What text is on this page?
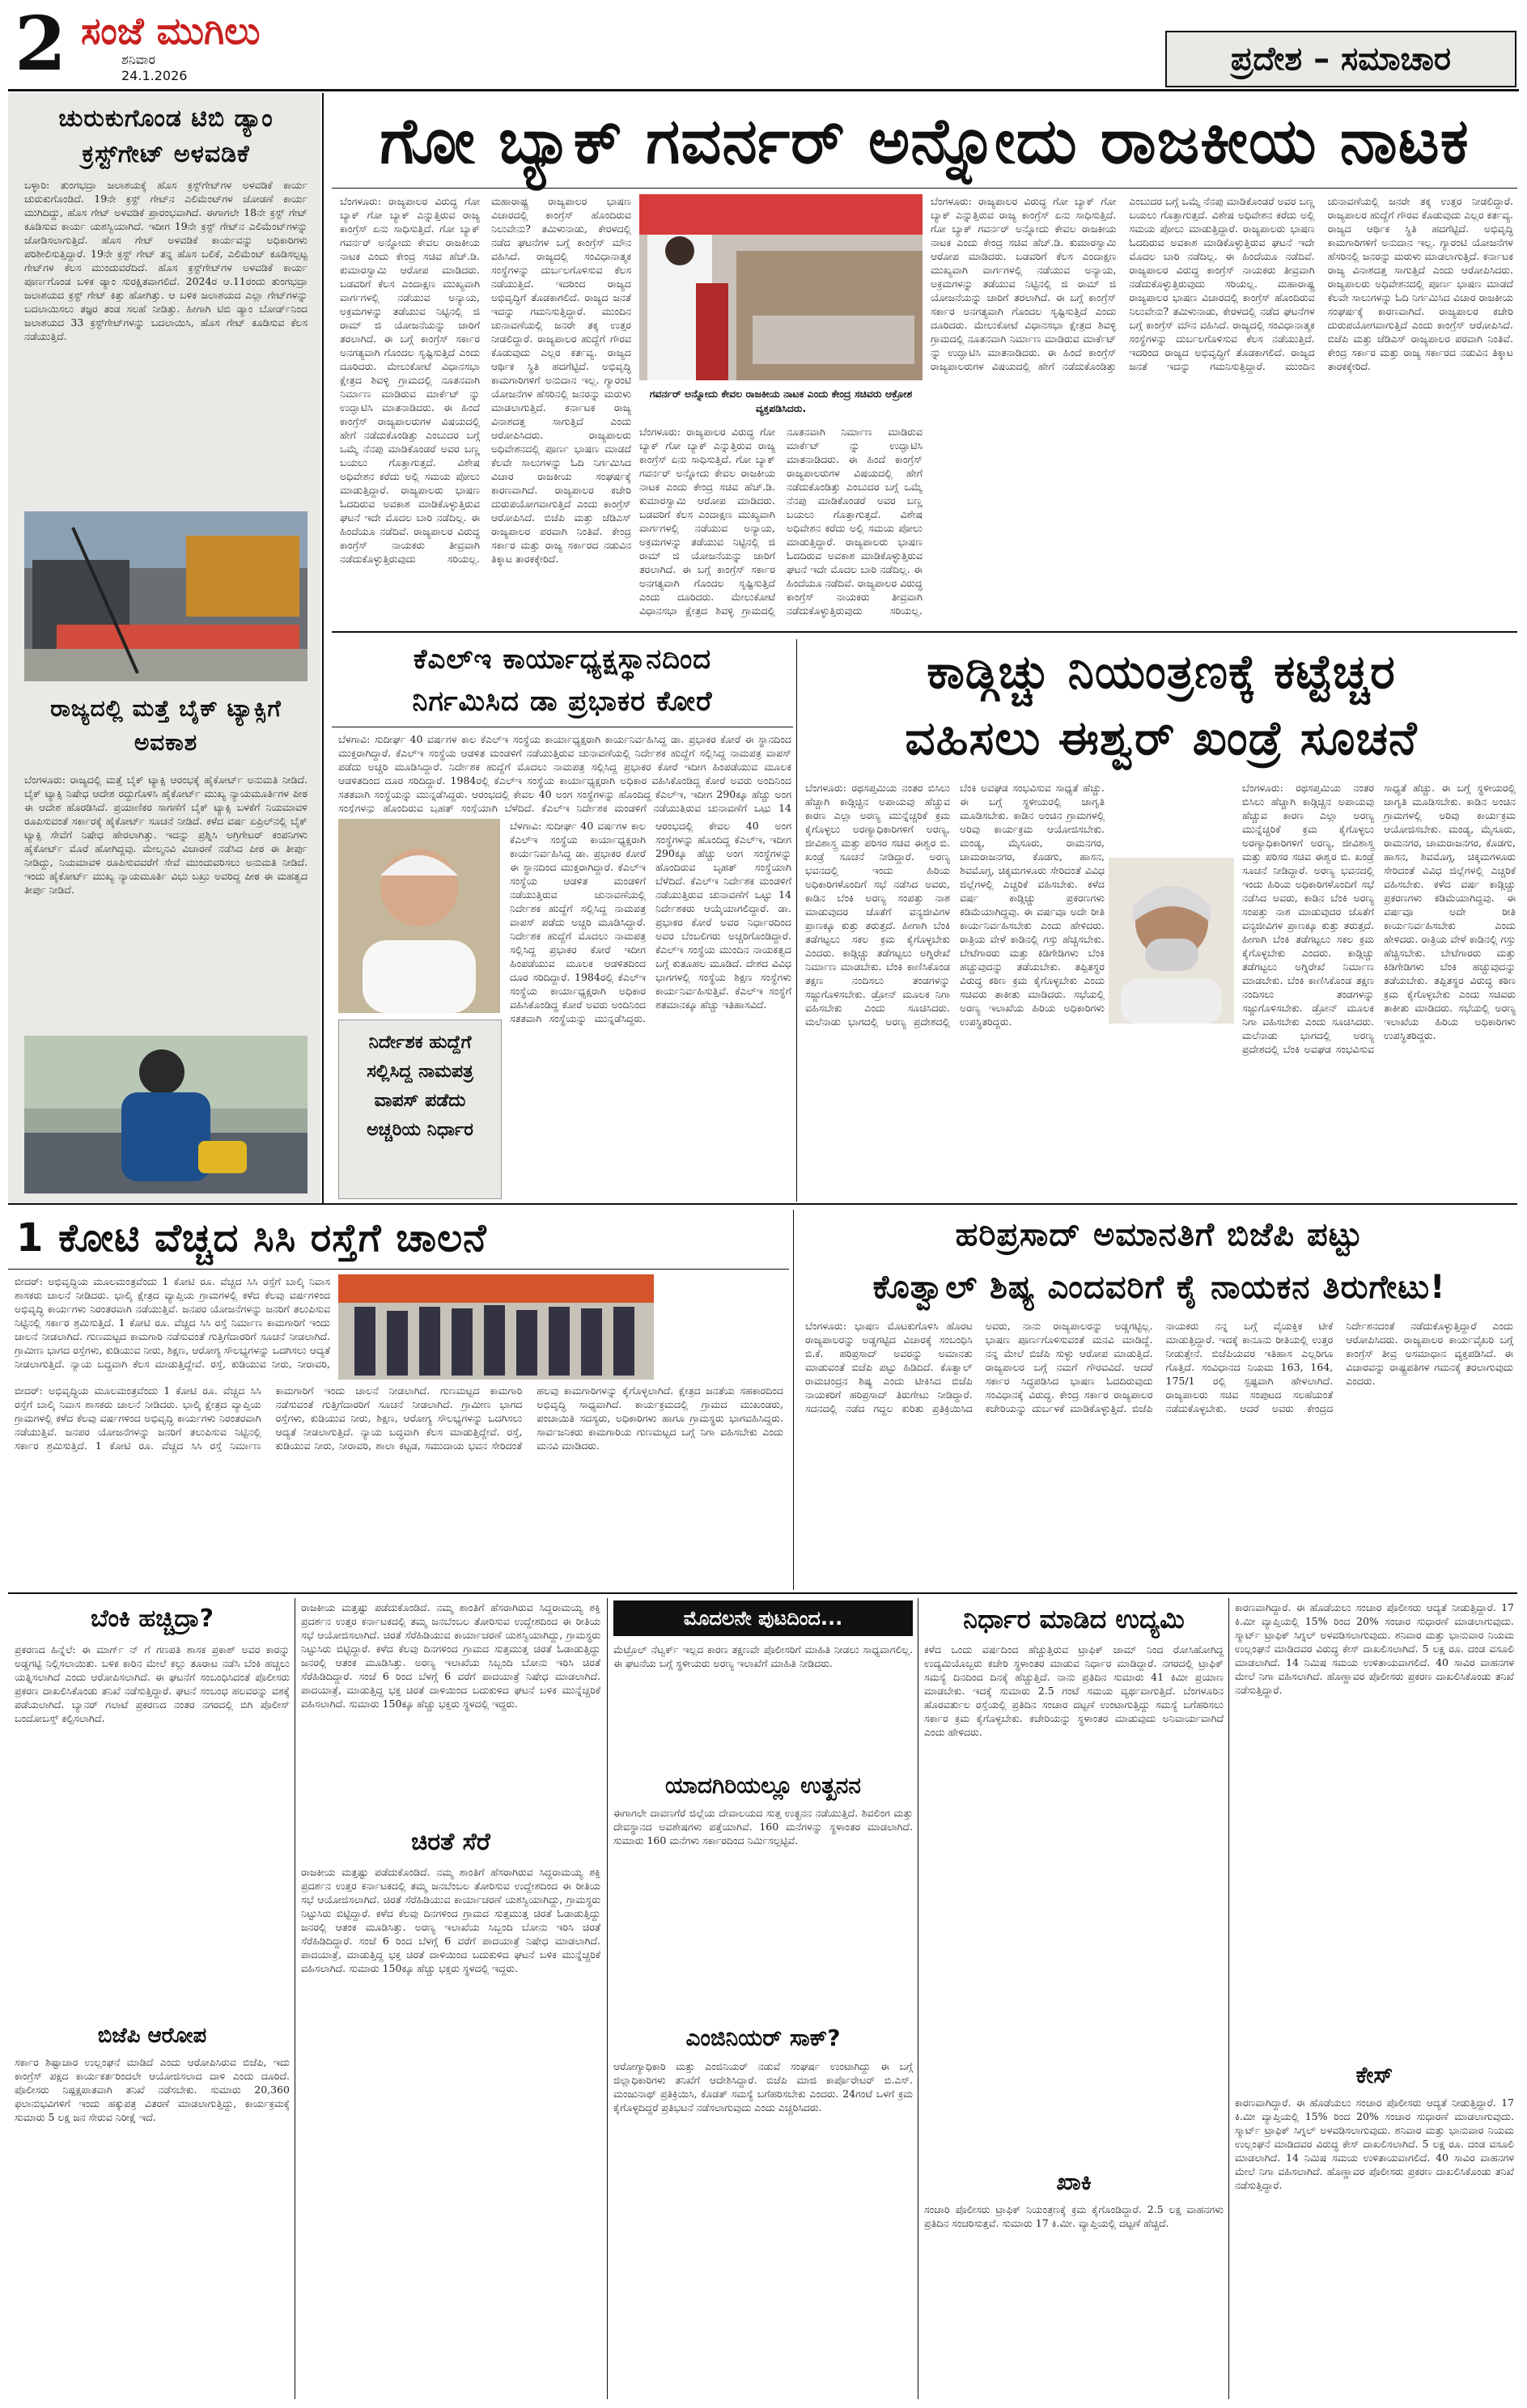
2 ಸಂಜೆ ಮುಗಿಲು
ಶನಿವಾರ
24.1.2026	ಪ್ರದೇಶ – ಸಮಾಚಾರ
ಚುರುಕುಗೊಂಡ ಟಿಬಿ ಡ್ಯಾಂ ಕ್ರಸ್ಟ್‌ಗೇಟ್ ಅಳವಡಿಕೆ
ಬಳ್ಳಾರಿ: ತುಂಗಭದ್ರಾ ಜಲಾಶಯಕ್ಕೆ ಹೊಸ ಕ್ರಸ್ಟ್‌ಗೇಟ್‌ಗಳ ಅಳವಡಿಕೆ ಕಾರ್ಯ ಚುರುಕುಗೊಂಡಿದೆ. 19ನೇ ಕ್ರಸ್ಟ್ ಗೇಟ್‌ನ ಎಲಿಮೆಂಟ್‌ಗಳ ಜೋಡಣೆ ಕಾರ್ಯ ಮುಗಿದಿದ್ದು, ಹೊಸ ಗೇಟ್ ಅಳವಡಿಕೆ ಪ್ರಾರಂಭವಾಗಿದೆ. ಈಗಾಗಲೇ 18ನೇ ಕ್ರಸ್ಟ್ ಗೇಟ್ ಕೂಡಿಸುವ ಕಾರ್ಯ ಯಶಸ್ವಿಯಾಗಿದೆ. ಇದೀಗ 19ನೇ ಕ್ರಸ್ಟ್ ಗೇಟ್‌ನ ಎಲಿಮೆಂಟ್‌ಗಳನ್ನು ಜೋಡಿಸಲಾಗುತ್ತಿದೆ. ಹೊಸ ಗೇಟ್ ಅಳವಡಿಕೆ ಕಾರ್ಯವನ್ನು ಅಧಿಕಾರಿಗಳು ಪರಿಶೀಲಿಸುತ್ತಿದ್ದಾರೆ. 19ನೇ ಕ್ರಸ್ಟ್ ಗೇಟ್ ತನ್ನ ಹೊಸ ಬಲಿಕೆ, ಎಲಿಮೆಂಟ್ ಕೂಡಿಸಲ್ಪಟ್ಟ ಗೇಟ್‌ಗಳ ಕೆಲಸ ಮುಂದುವರೆದಿದೆ. ಹೊಸ ಕ್ರಸ್ಟ್‌ಗೇಟ್‌ಗಳ ಅಳವಡಿಕೆ ಕಾರ್ಯ ಪೂರ್ಣಗೊಂಡ ಬಳಿಕ ಡ್ಯಾಂ ಸುರಕ್ಷಿತವಾಗಲಿದೆ. 2024ರ ಆ.11ರಂದು ತುಂಗಭದ್ರಾ ಜಲಾಶಯದ ಕ್ರಸ್ಟ್ ಗೇಟ್ ಕಿತ್ತು ಹೋಗಿತ್ತು. ಆ ಬಳಿಕ ಜಲಾಶಯದ ಎಲ್ಲಾ ಗೇಟ್‌ಗಳನ್ನು ಬದಲಾಯಿಸಲು ತಜ್ಞರ ತಂಡ ಸಲಹೆ ನೀಡಿತ್ತು. ಹೀಗಾಗಿ ಟಿಬಿ ಡ್ಯಾಂ ಬೋರ್ಡ್‌ನಿಂದ ಜಲಾಶಯದ 33 ಕ್ರಸ್ಟ್‌ಗೇಟ್‌ಗಳನ್ನು ಬದಲಾಯಿಸಿ, ಹೊಸ ಗೇಟ್ ಕೂಡಿಸುವ ಕೆಲಸ ನಡೆಯುತ್ತಿದೆ.
ರಾಜ್ಯದಲ್ಲಿ ಮತ್ತೆ ಬೈಕ್ ಟ್ಯಾಕ್ಸಿಗೆ ಅವಕಾಶ
ಬೆಂಗಳೂರು: ರಾಜ್ಯದಲ್ಲಿ ಮತ್ತೆ ಬೈಕ್ ಟ್ಯಾಕ್ಸಿ ಆರಂಭಕ್ಕೆ ಹೈಕೋರ್ಟ್ ಅನುಮತಿ ನೀಡಿದೆ. ಬೈಕ್ ಟ್ಯಾಕ್ಸಿ ನಿಷೇಧ ಆದೇಶ ರದ್ದುಗೊಳಿಸಿ ಹೈಕೋರ್ಟ್ ಮುಖ್ಯ ನ್ಯಾಯಮೂರ್ತಿಗಳ ಪೀಠ ಈ ಆದೇಶ ಹೊರಡಿಸಿದೆ. ಪ್ರಯಾಣಿಕರ ಸಾಗಣೆಗೆ ಬೈಕ್ ಟ್ಯಾಕ್ಸಿ ಬಳಕೆಗೆ ನಿಯಮಾವಳಿ ರೂಪಿಸುವಂತೆ ಸರ್ಕಾರಕ್ಕೆ ಹೈಕೋರ್ಟ್ ಸೂಚನೆ ನೀಡಿದೆ. ಕಳೆದ ವರ್ಷ ಏಪ್ರಿಲ್‌ನಲ್ಲಿ ಬೈಕ್ ಟ್ಯಾಕ್ಸಿ ಸೇವೆಗೆ ನಿಷೇಧ ಹೇರಲಾಗಿತ್ತು. ಇದನ್ನು ಪ್ರಶ್ನಿಸಿ ಅಗ್ರಿಗೇಟರ್ ಕಂಪನಿಗಳು ಹೈಕೋರ್ಟ್ ಮೊರೆ ಹೋಗಿದ್ದವು. ಮೇಲ್ಮನವಿ ವಿಚಾರಣೆ ನಡೆಸಿದ ಪೀಠ ಈ ತೀರ್ಪು ನೀಡಿದ್ದು, ನಿಯಮಾವಳಿ ರೂಪಿಸುವವರೆಗೆ ಸೇವೆ ಮುಂದುವರಿಸಲು ಅನುಮತಿ ನೀಡಿದೆ. ಇಂದು ಹೈಕೋರ್ಟ್ ಮುಖ್ಯ ನ್ಯಾಯಮೂರ್ತಿ ವಿಭು ಬಖ್ರು ಅವರಿದ್ದ ಪೀಠ ಈ ಮಹತ್ವದ ತೀರ್ಪು ನೀಡಿದೆ.
ಗೋ ಬ್ಯಾಕ್ ಗವರ್ನರ್ ಅನ್ನೋದು ರಾಜಕೀಯ ನಾಟಕ
ಗವರ್ನರ್ ಅನ್ನೋದು ಕೇವಲ ರಾಜಕೀಯ ನಾಟಕ ಎಂದು ಕೇಂದ್ರ ಸಚಿವರು ಆಕ್ರೋಶ ವ್ಯಕ್ತಪಡಿಸಿದರು.
ಬೆಂಗಳೂರು: ರಾಜ್ಯಪಾಲರ ವಿರುದ್ಧ ಗೋ ಬ್ಯಾಕ್ ಗೋ ಬ್ಯಾಕ್ ಎನ್ನುತ್ತಿರುವ ರಾಜ್ಯ ಕಾಂಗ್ರೆಸ್ ಏನು ಸಾಧಿಸುತ್ತಿದೆ. ಗೋ ಬ್ಯಾಕ್ ಗವರ್ನರ್ ಅನ್ನೋದು ಕೇವಲ ರಾಜಕೀಯ ನಾಟಕ ಎಂದು ಕೇಂದ್ರ ಸಚಿವ ಹೆಚ್.ಡಿ. ಕುಮಾರಸ್ವಾಮಿ ಆರೋಪ ಮಾಡಿದರು. ಬಡವರಿಗೆ ಕೆಲಸ ಎಂದಾಕ್ಷಣ ಮುಖ್ಯವಾಗಿ ವಾರ್ಗಗಳಲ್ಲಿ ನಡೆಯುವ ಅನ್ಯಾಯ, ಅಕ್ರಮಗಳನ್ನು ತಡೆಯುವ ನಿಟ್ಟಿನಲ್ಲಿ ಜಿ ರಾಮ್ ಜಿ ಯೋಜನೆಯನ್ನು ಜಾರಿಗೆ ತರಲಾಗಿದೆ. ಈ ಬಗ್ಗೆ ಕಾಂಗ್ರೆಸ್ ಸರ್ಕಾರ ಅನಗತ್ಯವಾಗಿ ಗೊಂದಲ ಸೃಷ್ಟಿಸುತ್ತಿದೆ ಎಂದು ದೂರಿದರು. ಮೇಲುಕೋಟೆ ವಿಧಾನಸಭಾ ಕ್ಷೇತ್ರದ ಶಿವಳ್ಳಿ ಗ್ರಾಮದಲ್ಲಿ ನೂತನವಾಗಿ ನಿರ್ಮಾಣ ಮಾಡಿರುವ ಮಾರ್ಕೆಟ್ ನ್ನು ಉದ್ಘಾಟಿಸಿ ಮಾತನಾಡಿದರು. ಈ ಹಿಂದೆ ಕಾಂಗ್ರೆಸ್ ರಾಜ್ಯಪಾಲರುಗಳ ವಿಷಯದಲ್ಲಿ ಹೇಗೆ ನಡೆದುಕೊಂಡಿತ್ತು ಎಂಬುದರ ಬಗ್ಗೆ ಒಮ್ಮೆ ನೆನಪು ಮಾಡಿಕೊಂಡರೆ ಅವರ ಬಣ್ಣ ಬಯಲು ಗೊತ್ತಾಗುತ್ತದೆ. ವಿಶೇಷ ಅಧಿವೇಶನ ಕರೆದು ಅಲ್ಲಿ ಸಮಯ ಪೋಲು ಮಾಡುತ್ತಿದ್ದಾರೆ. ರಾಜ್ಯಪಾಲರು ಭಾಷಣ ಓದದಿರುವ ಅವಕಾಶ ಮಾಡಿಕೊಳ್ಳುತ್ತಿರುವ ಘಟನೆ ಇದೇ ಮೊದಲ ಬಾರಿ ನಡೆದಿಲ್ಲ. ಈ ಹಿಂದೆಯೂ ನಡೆದಿವೆ. ರಾಜ್ಯಪಾಲರ ವಿರುದ್ಧ ಕಾಂಗ್ರೆಸ್ ನಾಯಕರು ತೀವ್ರವಾಗಿ ನಡೆದುಕೊಳ್ಳುತ್ತಿರುವುದು ಸರಿಯಲ್ಲ. ಮಹಾರಾಷ್ಟ್ರ ರಾಜ್ಯಪಾಲರ ಭಾಷಣ ವಿಚಾರದಲ್ಲಿ ಕಾಂಗ್ರೆಸ್ ಹೊಂದಿರುವ ನಿಲುವೇನು? ತಮಿಳುನಾಡು, ಕೇರಳದಲ್ಲಿ ನಡೆದ ಘಟನೆಗಳ ಬಗ್ಗೆ ಕಾಂಗ್ರೆಸ್ ಮೌನ ವಹಿಸಿದೆ. ರಾಜ್ಯದಲ್ಲಿ ಸಂವಿಧಾನಾತ್ಮಕ ಸಂಸ್ಥೆಗಳನ್ನು ದುರ್ಬಲಗೊಳಿಸುವ ಕೆಲಸ ನಡೆಯುತ್ತಿದೆ. ಇದರಿಂದ ರಾಜ್ಯದ ಅಭಿವೃದ್ಧಿಗೆ ತೊಡಕಾಗಲಿದೆ. ರಾಜ್ಯದ ಜನತೆ ಇದನ್ನು ಗಮನಿಸುತ್ತಿದ್ದಾರೆ. ಮುಂದಿನ ಚುನಾವಣೆಯಲ್ಲಿ ಜನರೇ ತಕ್ಕ ಉತ್ತರ ನೀಡಲಿದ್ದಾರೆ. ರಾಜ್ಯಪಾಲರ ಹುದ್ದೆಗೆ ಗೌರವ ಕೊಡುವುದು ಎಲ್ಲರ ಕರ್ತವ್ಯ. ರಾಜ್ಯದ ಆರ್ಥಿಕ ಸ್ಥಿತಿ ಹದಗೆಟ್ಟಿದೆ. ಅಭಿವೃದ್ಧಿ ಕಾಮಗಾರಿಗಳಿಗೆ ಅನುದಾನ ಇಲ್ಲ. ಗ್ಯಾರಂಟಿ ಯೋಜನೆಗಳ ಹೆಸರಿನಲ್ಲಿ ಜನರನ್ನು ಮರುಳು ಮಾಡಲಾಗುತ್ತಿದೆ. ಕರ್ನಾಟಕ ರಾಜ್ಯ ವಿನಾಶದತ್ತ ಸಾಗುತ್ತಿದೆ ಎಂದು ಆರೋಪಿಸಿದರು. ರಾಜ್ಯಪಾಲರು ಅಧಿವೇಶನದಲ್ಲಿ ಪೂರ್ಣ ಭಾಷಣ ಮಾಡದೆ ಕೆಲವೇ ಸಾಲುಗಳನ್ನು ಓದಿ ನಿರ್ಗಮಿಸಿದ ವಿಚಾರ ರಾಜಕೀಯ ಸಂಘರ್ಷಕ್ಕೆ ಕಾರಣವಾಗಿದೆ. ರಾಜ್ಯಪಾಲರ ಕಚೇರಿ ದುರುಪಯೋಗವಾಗುತ್ತಿದೆ ಎಂದು ಕಾಂಗ್ರೆಸ್ ಆರೋಪಿಸಿದೆ. ಬಿಜೆಪಿ ಮತ್ತು ಜೆಡಿಎಸ್ ರಾಜ್ಯಪಾಲರ ಪರವಾಗಿ ನಿಂತಿವೆ. ಕೇಂದ್ರ ಸರ್ಕಾರ ಮತ್ತು ರಾಜ್ಯ ಸರ್ಕಾರದ ನಡುವಿನ ತಿಕ್ಕಾಟ ತಾರಕಕ್ಕೇರಿದೆ.
ಬೆಂಗಳೂರು: ರಾಜ್ಯಪಾಲರ ವಿರುದ್ಧ ಗೋ ಬ್ಯಾಕ್ ಗೋ ಬ್ಯಾಕ್ ಎನ್ನುತ್ತಿರುವ ರಾಜ್ಯ ಕಾಂಗ್ರೆಸ್ ಏನು ಸಾಧಿಸುತ್ತಿದೆ. ಗೋ ಬ್ಯಾಕ್ ಗವರ್ನರ್ ಅನ್ನೋದು ಕೇವಲ ರಾಜಕೀಯ ನಾಟಕ ಎಂದು ಕೇಂದ್ರ ಸಚಿವ ಹೆಚ್.ಡಿ. ಕುಮಾರಸ್ವಾಮಿ ಆರೋಪ ಮಾಡಿದರು. ಬಡವರಿಗೆ ಕೆಲಸ ಎಂದಾಕ್ಷಣ ಮುಖ್ಯವಾಗಿ ವಾರ್ಗಗಳಲ್ಲಿ ನಡೆಯುವ ಅನ್ಯಾಯ, ಅಕ್ರಮಗಳನ್ನು ತಡೆಯುವ ನಿಟ್ಟಿನಲ್ಲಿ ಜಿ ರಾಮ್ ಜಿ ಯೋಜನೆಯನ್ನು ಜಾರಿಗೆ ತರಲಾಗಿದೆ. ಈ ಬಗ್ಗೆ ಕಾಂಗ್ರೆಸ್ ಸರ್ಕಾರ ಅನಗತ್ಯವಾಗಿ ಗೊಂದಲ ಸೃಷ್ಟಿಸುತ್ತಿದೆ ಎಂದು ದೂರಿದರು. ಮೇಲುಕೋಟೆ ವಿಧಾನಸಭಾ ಕ್ಷೇತ್ರದ ಶಿವಳ್ಳಿ ಗ್ರಾಮದಲ್ಲಿ ನೂತನವಾಗಿ ನಿರ್ಮಾಣ ಮಾಡಿರುವ ಮಾರ್ಕೆಟ್ ನ್ನು ಉದ್ಘಾಟಿಸಿ ಮಾತನಾಡಿದರು. ಈ ಹಿಂದೆ ಕಾಂಗ್ರೆಸ್ ರಾಜ್ಯಪಾಲರುಗಳ ವಿಷಯದಲ್ಲಿ ಹೇಗೆ ನಡೆದುಕೊಂಡಿತ್ತು ಎಂಬುದರ ಬಗ್ಗೆ ಒಮ್ಮೆ ನೆನಪು ಮಾಡಿಕೊಂಡರೆ ಅವರ ಬಣ್ಣ ಬಯಲು ಗೊತ್ತಾಗುತ್ತದೆ. ವಿಶೇಷ ಅಧಿವೇಶನ ಕರೆದು ಅಲ್ಲಿ ಸಮಯ ಪೋಲು ಮಾಡುತ್ತಿದ್ದಾರೆ. ರಾಜ್ಯಪಾಲರು ಭಾಷಣ ಓದದಿರುವ ಅವಕಾಶ ಮಾಡಿಕೊಳ್ಳುತ್ತಿರುವ ಘಟನೆ ಇದೇ ಮೊದಲ ಬಾರಿ ನಡೆದಿಲ್ಲ. ಈ ಹಿಂದೆಯೂ ನಡೆದಿವೆ. ರಾಜ್ಯಪಾಲರ ವಿರುದ್ಧ ಕಾಂಗ್ರೆಸ್ ನಾಯಕರು ತೀವ್ರವಾಗಿ ನಡೆದುಕೊಳ್ಳುತ್ತಿರುವುದು ಸರಿಯಲ್ಲ.
ಬೆಂಗಳೂರು: ರಾಜ್ಯಪಾಲರ ವಿರುದ್ಧ ಗೋ ಬ್ಯಾಕ್ ಗೋ ಬ್ಯಾಕ್ ಎನ್ನುತ್ತಿರುವ ರಾಜ್ಯ ಕಾಂಗ್ರೆಸ್ ಏನು ಸಾಧಿಸುತ್ತಿದೆ. ಗೋ ಬ್ಯಾಕ್ ಗವರ್ನರ್ ಅನ್ನೋದು ಕೇವಲ ರಾಜಕೀಯ ನಾಟಕ ಎಂದು ಕೇಂದ್ರ ಸಚಿವ ಹೆಚ್.ಡಿ. ಕುಮಾರಸ್ವಾಮಿ ಆರೋಪ ಮಾಡಿದರು. ಬಡವರಿಗೆ ಕೆಲಸ ಎಂದಾಕ್ಷಣ ಮುಖ್ಯವಾಗಿ ವಾರ್ಗಗಳಲ್ಲಿ ನಡೆಯುವ ಅನ್ಯಾಯ, ಅಕ್ರಮಗಳನ್ನು ತಡೆಯುವ ನಿಟ್ಟಿನಲ್ಲಿ ಜಿ ರಾಮ್ ಜಿ ಯೋಜನೆಯನ್ನು ಜಾರಿಗೆ ತರಲಾಗಿದೆ. ಈ ಬಗ್ಗೆ ಕಾಂಗ್ರೆಸ್ ಸರ್ಕಾರ ಅನಗತ್ಯವಾಗಿ ಗೊಂದಲ ಸೃಷ್ಟಿಸುತ್ತಿದೆ ಎಂದು ದೂರಿದರು. ಮೇಲುಕೋಟೆ ವಿಧಾನಸಭಾ ಕ್ಷೇತ್ರದ ಶಿವಳ್ಳಿ ಗ್ರಾಮದಲ್ಲಿ ನೂತನವಾಗಿ ನಿರ್ಮಾಣ ಮಾಡಿರುವ ಮಾರ್ಕೆಟ್ ನ್ನು ಉದ್ಘಾಟಿಸಿ ಮಾತನಾಡಿದರು. ಈ ಹಿಂದೆ ಕಾಂಗ್ರೆಸ್ ರಾಜ್ಯಪಾಲರುಗಳ ವಿಷಯದಲ್ಲಿ ಹೇಗೆ ನಡೆದುಕೊಂಡಿತ್ತು ಎಂಬುದರ ಬಗ್ಗೆ ಒಮ್ಮೆ ನೆನಪು ಮಾಡಿಕೊಂಡರೆ ಅವರ ಬಣ್ಣ ಬಯಲು ಗೊತ್ತಾಗುತ್ತದೆ. ವಿಶೇಷ ಅಧಿವೇಶನ ಕರೆದು ಅಲ್ಲಿ ಸಮಯ ಪೋಲು ಮಾಡುತ್ತಿದ್ದಾರೆ. ರಾಜ್ಯಪಾಲರು ಭಾಷಣ ಓದದಿರುವ ಅವಕಾಶ ಮಾಡಿಕೊಳ್ಳುತ್ತಿರುವ ಘಟನೆ ಇದೇ ಮೊದಲ ಬಾರಿ ನಡೆದಿಲ್ಲ. ಈ ಹಿಂದೆಯೂ ನಡೆದಿವೆ. ರಾಜ್ಯಪಾಲರ ವಿರುದ್ಧ ಕಾಂಗ್ರೆಸ್ ನಾಯಕರು ತೀವ್ರವಾಗಿ ನಡೆದುಕೊಳ್ಳುತ್ತಿರುವುದು ಸರಿಯಲ್ಲ. ಮಹಾರಾಷ್ಟ್ರ ರಾಜ್ಯಪಾಲರ ಭಾಷಣ ವಿಚಾರದಲ್ಲಿ ಕಾಂಗ್ರೆಸ್ ಹೊಂದಿರುವ ನಿಲುವೇನು? ತಮಿಳುನಾಡು, ಕೇರಳದಲ್ಲಿ ನಡೆದ ಘಟನೆಗಳ ಬಗ್ಗೆ ಕಾಂಗ್ರೆಸ್ ಮೌನ ವಹಿಸಿದೆ. ರಾಜ್ಯದಲ್ಲಿ ಸಂವಿಧಾನಾತ್ಮಕ ಸಂಸ್ಥೆಗಳನ್ನು ದುರ್ಬಲಗೊಳಿಸುವ ಕೆಲಸ ನಡೆಯುತ್ತಿದೆ. ಇದರಿಂದ ರಾಜ್ಯದ ಅಭಿವೃದ್ಧಿಗೆ ತೊಡಕಾಗಲಿದೆ. ರಾಜ್ಯದ ಜನತೆ ಇದನ್ನು ಗಮನಿಸುತ್ತಿದ್ದಾರೆ. ಮುಂದಿನ ಚುನಾವಣೆಯಲ್ಲಿ ಜನರೇ ತಕ್ಕ ಉತ್ತರ ನೀಡಲಿದ್ದಾರೆ. ರಾಜ್ಯಪಾಲರ ಹುದ್ದೆಗೆ ಗೌರವ ಕೊಡುವುದು ಎಲ್ಲರ ಕರ್ತವ್ಯ. ರಾಜ್ಯದ ಆರ್ಥಿಕ ಸ್ಥಿತಿ ಹದಗೆಟ್ಟಿದೆ. ಅಭಿವೃದ್ಧಿ ಕಾಮಗಾರಿಗಳಿಗೆ ಅನುದಾನ ಇಲ್ಲ. ಗ್ಯಾರಂಟಿ ಯೋಜನೆಗಳ ಹೆಸರಿನಲ್ಲಿ ಜನರನ್ನು ಮರುಳು ಮಾಡಲಾಗುತ್ತಿದೆ. ಕರ್ನಾಟಕ ರಾಜ್ಯ ವಿನಾಶದತ್ತ ಸಾಗುತ್ತಿದೆ ಎಂದು ಆರೋಪಿಸಿದರು. ರಾಜ್ಯಪಾಲರು ಅಧಿವೇಶನದಲ್ಲಿ ಪೂರ್ಣ ಭಾಷಣ ಮಾಡದೆ ಕೆಲವೇ ಸಾಲುಗಳನ್ನು ಓದಿ ನಿರ್ಗಮಿಸಿದ ವಿಚಾರ ರಾಜಕೀಯ ಸಂಘರ್ಷಕ್ಕೆ ಕಾರಣವಾಗಿದೆ. ರಾಜ್ಯಪಾಲರ ಕಚೇರಿ ದುರುಪಯೋಗವಾಗುತ್ತಿದೆ ಎಂದು ಕಾಂಗ್ರೆಸ್ ಆರೋಪಿಸಿದೆ. ಬಿಜೆಪಿ ಮತ್ತು ಜೆಡಿಎಸ್ ರಾಜ್ಯಪಾಲರ ಪರವಾಗಿ ನಿಂತಿವೆ. ಕೇಂದ್ರ ಸರ್ಕಾರ ಮತ್ತು ರಾಜ್ಯ ಸರ್ಕಾರದ ನಡುವಿನ ತಿಕ್ಕಾಟ ತಾರಕಕ್ಕೇರಿದೆ.
ಕೆಎಲ್‌ಇ ಕಾರ್ಯಾಧ್ಯಕ್ಷಸ್ಥಾನದಿಂದ
ನಿರ್ಗಮಿಸಿದ ಡಾ ಪ್ರಭಾಕರ ಕೋರೆ
ಬೆಳಗಾವಿ: ಸುದೀರ್ಘ 40 ವರ್ಷಗಳ ಕಾಲ ಕೆಎಲ್‌ಇ ಸಂಸ್ಥೆಯ ಕಾರ್ಯಾಧ್ಯಕ್ಷರಾಗಿ ಕಾರ್ಯನಿರ್ವಹಿಸಿದ್ದ ಡಾ. ಪ್ರಭಾಕರ ಕೋರೆ ಈ ಸ್ಥಾನದಿಂದ ಮುಕ್ತರಾಗಿದ್ದಾರೆ. ಕೆಎಲ್‌ಇ ಸಂಸ್ಥೆಯ ಆಡಳಿತ ಮಂಡಳಿಗೆ ನಡೆಯುತ್ತಿರುವ ಚುನಾವಣೆಯಲ್ಲಿ ನಿರ್ದೇಶಕ ಹುದ್ದೆಗೆ ಸಲ್ಲಿಸಿದ್ದ ನಾಮಪತ್ರ ವಾಪಸ್ ಪಡೆದು ಅಚ್ಚರಿ ಮೂಡಿಸಿದ್ದಾರೆ. ನಿರ್ದೇಶಕ ಹುದ್ದೆಗೆ ಮೊದಲು ನಾಮಪತ್ರ ಸಲ್ಲಿಸಿದ್ದ ಪ್ರಭಾಕರ ಕೋರೆ ಇದೀಗ ಹಿಂಪಡೆಯುವ ಮೂಲಕ ಆಡಳಿತದಿಂದ ದೂರ ಸರಿದಿದ್ದಾರೆ. 1984ರಲ್ಲಿ ಕೆಎಲ್‌ಇ ಸಂಸ್ಥೆಯ ಕಾರ್ಯಾಧ್ಯಕ್ಷರಾಗಿ ಅಧಿಕಾರ ವಹಿಸಿಕೊಂಡಿದ್ದ ಕೋರೆ ಅವರು ಅಂದಿನಿಂದ ಸತತವಾಗಿ ಸಂಸ್ಥೆಯನ್ನು ಮುನ್ನಡೆಸಿದ್ದರು. ಆರಂಭದಲ್ಲಿ ಕೇವಲ 40 ಅಂಗ ಸಂಸ್ಥೆಗಳನ್ನು ಹೊಂದಿದ್ದ ಕೆಎಲ್‌ಇ, ಇದೀಗ 290ಕ್ಕೂ ಹೆಚ್ಚು ಅಂಗ ಸಂಸ್ಥೆಗಳನ್ನು ಹೊಂದಿರುವ ಬೃಹತ್ ಸಂಸ್ಥೆಯಾಗಿ ಬೆಳೆದಿದೆ. ಕೆಎಲ್‌ಇ ನಿರ್ದೇಶಕ ಮಂಡಳಿಗೆ ನಡೆಯುತ್ತಿರುವ ಚುನಾವಣೆಗೆ ಒಟ್ಟು 14
ನಿರ್ದೇಶಕ ಹುದ್ದೆಗೆ ಸಲ್ಲಿಸಿದ್ದ ನಾಮಪತ್ರ ವಾಪಸ್ ಪಡೆದು ಅಚ್ಚರಿಯ ನಿರ್ಧಾರ
ಬೆಳಗಾವಿ: ಸುದೀರ್ಘ 40 ವರ್ಷಗಳ ಕಾಲ ಕೆಎಲ್‌ಇ ಸಂಸ್ಥೆಯ ಕಾರ್ಯಾಧ್ಯಕ್ಷರಾಗಿ ಕಾರ್ಯನಿರ್ವಹಿಸಿದ್ದ ಡಾ. ಪ್ರಭಾಕರ ಕೋರೆ ಈ ಸ್ಥಾನದಿಂದ ಮುಕ್ತರಾಗಿದ್ದಾರೆ. ಕೆಎಲ್‌ಇ ಸಂಸ್ಥೆಯ ಆಡಳಿತ ಮಂಡಳಿಗೆ ನಡೆಯುತ್ತಿರುವ ಚುನಾವಣೆಯಲ್ಲಿ ನಿರ್ದೇಶಕ ಹುದ್ದೆಗೆ ಸಲ್ಲಿಸಿದ್ದ ನಾಮಪತ್ರ ವಾಪಸ್ ಪಡೆದು ಅಚ್ಚರಿ ಮೂಡಿಸಿದ್ದಾರೆ. ನಿರ್ದೇಶಕ ಹುದ್ದೆಗೆ ಮೊದಲು ನಾಮಪತ್ರ ಸಲ್ಲಿಸಿದ್ದ ಪ್ರಭಾಕರ ಕೋರೆ ಇದೀಗ ಹಿಂಪಡೆಯುವ ಮೂಲಕ ಆಡಳಿತದಿಂದ ದೂರ ಸರಿದಿದ್ದಾರೆ. 1984ರಲ್ಲಿ ಕೆಎಲ್‌ಇ ಸಂಸ್ಥೆಯ ಕಾರ್ಯಾಧ್ಯಕ್ಷರಾಗಿ ಅಧಿಕಾರ ವಹಿಸಿಕೊಂಡಿದ್ದ ಕೋರೆ ಅವರು ಅಂದಿನಿಂದ ಸತತವಾಗಿ ಸಂಸ್ಥೆಯನ್ನು ಮುನ್ನಡೆಸಿದ್ದರು. ಆರಂಭದಲ್ಲಿ ಕೇವಲ 40 ಅಂಗ ಸಂಸ್ಥೆಗಳನ್ನು ಹೊಂದಿದ್ದ ಕೆಎಲ್‌ಇ, ಇದೀಗ 290ಕ್ಕೂ ಹೆಚ್ಚು ಅಂಗ ಸಂಸ್ಥೆಗಳನ್ನು ಹೊಂದಿರುವ ಬೃಹತ್ ಸಂಸ್ಥೆಯಾಗಿ ಬೆಳೆದಿದೆ. ಕೆಎಲ್‌ಇ ನಿರ್ದೇಶಕ ಮಂಡಳಿಗೆ ನಡೆಯುತ್ತಿರುವ ಚುನಾವಣೆಗೆ ಒಟ್ಟು 14 ನಿರ್ದೇಶಕರು ಆಯ್ಕೆಯಾಗಲಿದ್ದಾರೆ. ಡಾ. ಪ್ರಭಾಕರ ಕೋರೆ ಅವರ ನಿರ್ಧಾರದಿಂದ ಅವರ ಬೆಂಬಲಿಗರು ಅಚ್ಚರಿಗೊಂಡಿದ್ದಾರೆ. ಕೆಎಲ್‌ಇ ಸಂಸ್ಥೆಯ ಮುಂದಿನ ನಾಯಕತ್ವದ ಬಗ್ಗೆ ಕುತೂಹಲ ಮೂಡಿದೆ. ದೇಶದ ವಿವಿಧ ಭಾಗಗಳಲ್ಲಿ ಸಂಸ್ಥೆಯ ಶಿಕ್ಷಣ ಸಂಸ್ಥೆಗಳು ಕಾರ್ಯನಿರ್ವಹಿಸುತ್ತಿವೆ. ಕೆಎಲ್‌ಇ ಸಂಸ್ಥೆಗೆ ಶತಮಾನಕ್ಕೂ ಹೆಚ್ಚು ಇತಿಹಾಸವಿದೆ.
ಕಾಡ್ಗಿಚ್ಚು ನಿಯಂತ್ರಣಕ್ಕೆ ಕಟ್ಟೆಚ್ಚರ
ವಹಿಸಲು ಈಶ್ವರ್ ಖಂಡ್ರೆ ಸೂಚನೆ
ಬೆಂಗಳೂರು: ರಥಸಪ್ತಮಿಯ ನಂತರ ಬಿಸಿಲು ಹೆಚ್ಚಾಗಿ ಕಾಡ್ಗಿಚ್ಚಿನ ಅಪಾಯವು ಹೆಚ್ಚುವ ಕಾರಣ ಎಲ್ಲಾ ಅರಣ್ಯ ಮುನ್ನೆಚ್ಚರಿಕೆ ಕ್ರಮ ಕೈಗೊಳ್ಳಲು ಅರಣ್ಯಾಧಿಕಾರಿಗಳಿಗೆ ಅರಣ್ಯ, ಜೀವಿಶಾಸ್ತ್ರ ಮತ್ತು ಪರಿಸರ ಸಚಿವ ಈಶ್ವರ ಬಿ. ಖಂಡ್ರೆ ಸೂಚನೆ ನೀಡಿದ್ದಾರೆ. ಅರಣ್ಯ ಭವನದಲ್ಲಿ ಇಂದು ಹಿರಿಯ ಅಧಿಕಾರಿಗಳೊಂದಿಗೆ ಸಭೆ ನಡೆಸಿದ ಅವರು, ಕಾಡಿನ ಬೆಂಕಿ ಅರಣ್ಯ ಸಂಪತ್ತು ನಾಶ ಮಾಡುವುದರ ಜೊತೆಗೆ ವನ್ಯಜೀವಿಗಳ ಪ್ರಾಣಕ್ಕೂ ಕುತ್ತು ತರುತ್ತದೆ. ಹೀಗಾಗಿ ಬೆಂಕಿ ತಡೆಗಟ್ಟಲು ಸಕಲ ಕ್ರಮ ಕೈಗೊಳ್ಳಬೇಕು ಎಂದರು. ಕಾಡ್ಗಿಚ್ಚು ತಡೆಗಟ್ಟಲು ಅಗ್ನಿರೇಖೆ ನಿರ್ಮಾಣ ಮಾಡಬೇಕು. ಬೆಂಕಿ ಕಾಣಿಸಿಕೊಂಡ ತಕ್ಷಣ ನಂದಿಸಲು ತಂಡಗಳನ್ನು ಸಜ್ಜುಗೊಳಿಸಬೇಕು. ಡ್ರೋನ್ ಮೂಲಕ ನಿಗಾ ವಹಿಸಬೇಕು ಎಂದು ಸೂಚಿಸಿದರು. ಮಲೆನಾಡು ಭಾಗದಲ್ಲಿ ಅರಣ್ಯ ಪ್ರದೇಶದಲ್ಲಿ ಬೆಂಕಿ ಅವಘಡ ಸಂಭವಿಸುವ ಸಾಧ್ಯತೆ ಹೆಚ್ಚು. ಈ ಬಗ್ಗೆ ಸ್ಥಳೀಯರಲ್ಲಿ ಜಾಗೃತಿ ಮೂಡಿಸಬೇಕು. ಕಾಡಿನ ಅಂಚಿನ ಗ್ರಾಮಗಳಲ್ಲಿ ಅರಿವು ಕಾರ್ಯಕ್ರಮ ಆಯೋಜಿಸಬೇಕು. ಮಂಡ್ಯ, ಮೈಸೂರು, ರಾಮನಗರ, ಚಾಮರಾಜನಗರ, ಕೊಡಗು, ಹಾಸನ, ಶಿವಮೊಗ್ಗ, ಚಿಕ್ಕಮಗಳೂರು ಸೇರಿದಂತೆ ವಿವಿಧ ಜಿಲ್ಲೆಗಳಲ್ಲಿ ಎಚ್ಚರಿಕೆ ವಹಿಸಬೇಕು. ಕಳೆದ ವರ್ಷ ಕಾಡ್ಗಿಚ್ಚು ಪ್ರಕರಣಗಳು ಕಡಿಮೆಯಾಗಿದ್ದವು. ಈ ವರ್ಷವೂ ಅದೇ ರೀತಿ ಕಾರ್ಯನಿರ್ವಹಿಸಬೇಕು ಎಂದು ಹೇಳಿದರು. ರಾತ್ರಿಯ ವೇಳೆ ಕಾಡಿನಲ್ಲಿ ಗಸ್ತು ಹೆಚ್ಚಿಸಬೇಕು. ಬೇಟೆಗಾರರು ಮತ್ತು ಕಿಡಿಗೇಡಿಗಳು ಬೆಂಕಿ ಹಚ್ಚುವುದನ್ನು ತಡೆಯಬೇಕು. ತಪ್ಪಿತಸ್ಥರ ವಿರುದ್ಧ ಕಠಿಣ ಕ್ರಮ ಕೈಗೊಳ್ಳಬೇಕು ಎಂದು ಸಚಿವರು ತಾಕೀತು ಮಾಡಿದರು. ಸಭೆಯಲ್ಲಿ ಅರಣ್ಯ ಇಲಾಖೆಯ ಹಿರಿಯ ಅಧಿಕಾರಿಗಳು ಉಪಸ್ಥಿತರಿದ್ದರು.
ಬೆಂಗಳೂರು: ರಥಸಪ್ತಮಿಯ ನಂತರ ಬಿಸಿಲು ಹೆಚ್ಚಾಗಿ ಕಾಡ್ಗಿಚ್ಚಿನ ಅಪಾಯವು ಹೆಚ್ಚುವ ಕಾರಣ ಎಲ್ಲಾ ಅರಣ್ಯ ಮುನ್ನೆಚ್ಚರಿಕೆ ಕ್ರಮ ಕೈಗೊಳ್ಳಲು ಅರಣ್ಯಾಧಿಕಾರಿಗಳಿಗೆ ಅರಣ್ಯ, ಜೀವಿಶಾಸ್ತ್ರ ಮತ್ತು ಪರಿಸರ ಸಚಿವ ಈಶ್ವರ ಬಿ. ಖಂಡ್ರೆ ಸೂಚನೆ ನೀಡಿದ್ದಾರೆ. ಅರಣ್ಯ ಭವನದಲ್ಲಿ ಇಂದು ಹಿರಿಯ ಅಧಿಕಾರಿಗಳೊಂದಿಗೆ ಸಭೆ ನಡೆಸಿದ ಅವರು, ಕಾಡಿನ ಬೆಂಕಿ ಅರಣ್ಯ ಸಂಪತ್ತು ನಾಶ ಮಾಡುವುದರ ಜೊತೆಗೆ ವನ್ಯಜೀವಿಗಳ ಪ್ರಾಣಕ್ಕೂ ಕುತ್ತು ತರುತ್ತದೆ. ಹೀಗಾಗಿ ಬೆಂಕಿ ತಡೆಗಟ್ಟಲು ಸಕಲ ಕ್ರಮ ಕೈಗೊಳ್ಳಬೇಕು ಎಂದರು. ಕಾಡ್ಗಿಚ್ಚು ತಡೆಗಟ್ಟಲು ಅಗ್ನಿರೇಖೆ ನಿರ್ಮಾಣ ಮಾಡಬೇಕು. ಬೆಂಕಿ ಕಾಣಿಸಿಕೊಂಡ ತಕ್ಷಣ ನಂದಿಸಲು ತಂಡಗಳನ್ನು ಸಜ್ಜುಗೊಳಿಸಬೇಕು. ಡ್ರೋನ್ ಮೂಲಕ ನಿಗಾ ವಹಿಸಬೇಕು ಎಂದು ಸೂಚಿಸಿದರು. ಮಲೆನಾಡು ಭಾಗದಲ್ಲಿ ಅರಣ್ಯ ಪ್ರದೇಶದಲ್ಲಿ ಬೆಂಕಿ ಅವಘಡ ಸಂಭವಿಸುವ ಸಾಧ್ಯತೆ ಹೆಚ್ಚು. ಈ ಬಗ್ಗೆ ಸ್ಥಳೀಯರಲ್ಲಿ ಜಾಗೃತಿ ಮೂಡಿಸಬೇಕು. ಕಾಡಿನ ಅಂಚಿನ ಗ್ರಾಮಗಳಲ್ಲಿ ಅರಿವು ಕಾರ್ಯಕ್ರಮ ಆಯೋಜಿಸಬೇಕು. ಮಂಡ್ಯ, ಮೈಸೂರು, ರಾಮನಗರ, ಚಾಮರಾಜನಗರ, ಕೊಡಗು, ಹಾಸನ, ಶಿವಮೊಗ್ಗ, ಚಿಕ್ಕಮಗಳೂರು ಸೇರಿದಂತೆ ವಿವಿಧ ಜಿಲ್ಲೆಗಳಲ್ಲಿ ಎಚ್ಚರಿಕೆ ವಹಿಸಬೇಕು. ಕಳೆದ ವರ್ಷ ಕಾಡ್ಗಿಚ್ಚು ಪ್ರಕರಣಗಳು ಕಡಿಮೆಯಾಗಿದ್ದವು. ಈ ವರ್ಷವೂ ಅದೇ ರೀತಿ ಕಾರ್ಯನಿರ್ವಹಿಸಬೇಕು ಎಂದು ಹೇಳಿದರು. ರಾತ್ರಿಯ ವೇಳೆ ಕಾಡಿನಲ್ಲಿ ಗಸ್ತು ಹೆಚ್ಚಿಸಬೇಕು. ಬೇಟೆಗಾರರು ಮತ್ತು ಕಿಡಿಗೇಡಿಗಳು ಬೆಂಕಿ ಹಚ್ಚುವುದನ್ನು ತಡೆಯಬೇಕು. ತಪ್ಪಿತಸ್ಥರ ವಿರುದ್ಧ ಕಠಿಣ ಕ್ರಮ ಕೈಗೊಳ್ಳಬೇಕು ಎಂದು ಸಚಿವರು ತಾಕೀತು ಮಾಡಿದರು. ಸಭೆಯಲ್ಲಿ ಅರಣ್ಯ ಇಲಾಖೆಯ ಹಿರಿಯ ಅಧಿಕಾರಿಗಳು ಉಪಸ್ಥಿತರಿದ್ದರು.
1 ಕೋಟಿ ವೆಚ್ಚದ ಸಿಸಿ ರಸ್ತೆಗೆ ಚಾಲನೆ
ಬೀದರ್: ಅಭಿವೃದ್ಧಿಯ ಮೂಲಮಂತ್ರವೆಂದು 1 ಕೋಟಿ ರೂ. ವೆಚ್ಚದ ಸಿಸಿ ರಸ್ತೆಗೆ ಬಾಲ್ಕಿ ನಿವಾಸ ಶಾಸಕರು ಚಾಲನೆ ನೀಡಿದರು. ಭಾಲ್ಕಿ ಕ್ಷೇತ್ರದ ವ್ಯಾಪ್ತಿಯ ಗ್ರಾಮಗಳಲ್ಲಿ ಕಳೆದ ಕೆಲವು ವರ್ಷಗಳಿಂದ ಅಭಿವೃದ್ಧಿ ಕಾರ್ಯಗಳು ನಿರಂತರವಾಗಿ ನಡೆಯುತ್ತಿವೆ. ಜನಪರ ಯೋಜನೆಗಳನ್ನು ಜನರಿಗೆ ತಲುಪಿಸುವ ನಿಟ್ಟಿನಲ್ಲಿ ಸರ್ಕಾರ ಶ್ರಮಿಸುತ್ತಿದೆ. 1 ಕೋಟಿ ರೂ. ವೆಚ್ಚದ ಸಿಸಿ ರಸ್ತೆ ನಿರ್ಮಾಣ ಕಾಮಗಾರಿಗೆ ಇಂದು ಚಾಲನೆ ನೀಡಲಾಗಿದೆ. ಗುಣಮಟ್ಟದ ಕಾಮಗಾರಿ ನಡೆಸುವಂತೆ ಗುತ್ತಿಗೆದಾರರಿಗೆ ಸೂಚನೆ ನೀಡಲಾಗಿದೆ. ಗ್ರಾಮೀಣ ಭಾಗದ ರಸ್ತೆಗಳು, ಕುಡಿಯುವ ನೀರು, ಶಿಕ್ಷಣ, ಆರೋಗ್ಯ ಸೌಲಭ್ಯಗಳನ್ನು ಒದಗಿಸಲು ಆದ್ಯತೆ ನೀಡಲಾಗುತ್ತಿದೆ. ನ್ಯಾಯ ಬದ್ಧವಾಗಿ ಕೆಲಸ ಮಾಡುತ್ತಿದ್ದೇವೆ. ರಸ್ತೆ, ಕುಡಿಯುವ ನೀರು, ನೀರಾವರಿ,
ಬೀದರ್: ಅಭಿವೃದ್ಧಿಯ ಮೂಲಮಂತ್ರವೆಂದು 1 ಕೋಟಿ ರೂ. ವೆಚ್ಚದ ಸಿಸಿ ರಸ್ತೆಗೆ ಬಾಲ್ಕಿ ನಿವಾಸ ಶಾಸಕರು ಚಾಲನೆ ನೀಡಿದರು. ಭಾಲ್ಕಿ ಕ್ಷೇತ್ರದ ವ್ಯಾಪ್ತಿಯ ಗ್ರಾಮಗಳಲ್ಲಿ ಕಳೆದ ಕೆಲವು ವರ್ಷಗಳಿಂದ ಅಭಿವೃದ್ಧಿ ಕಾರ್ಯಗಳು ನಿರಂತರವಾಗಿ ನಡೆಯುತ್ತಿವೆ. ಜನಪರ ಯೋಜನೆಗಳನ್ನು ಜನರಿಗೆ ತಲುಪಿಸುವ ನಿಟ್ಟಿನಲ್ಲಿ ಸರ್ಕಾರ ಶ್ರಮಿಸುತ್ತಿದೆ. 1 ಕೋಟಿ ರೂ. ವೆಚ್ಚದ ಸಿಸಿ ರಸ್ತೆ ನಿರ್ಮಾಣ ಕಾಮಗಾರಿಗೆ ಇಂದು ಚಾಲನೆ ನೀಡಲಾಗಿದೆ. ಗುಣಮಟ್ಟದ ಕಾಮಗಾರಿ ನಡೆಸುವಂತೆ ಗುತ್ತಿಗೆದಾರರಿಗೆ ಸೂಚನೆ ನೀಡಲಾಗಿದೆ. ಗ್ರಾಮೀಣ ಭಾಗದ ರಸ್ತೆಗಳು, ಕುಡಿಯುವ ನೀರು, ಶಿಕ್ಷಣ, ಆರೋಗ್ಯ ಸೌಲಭ್ಯಗಳನ್ನು ಒದಗಿಸಲು ಆದ್ಯತೆ ನೀಡಲಾಗುತ್ತಿದೆ. ನ್ಯಾಯ ಬದ್ಧವಾಗಿ ಕೆಲಸ ಮಾಡುತ್ತಿದ್ದೇವೆ. ರಸ್ತೆ, ಕುಡಿಯುವ ನೀರು, ನೀರಾವರಿ, ಶಾಲಾ ಕಟ್ಟಡ, ಸಮುದಾಯ ಭವನ ಸೇರಿದಂತೆ ಹಲವು ಕಾಮಗಾರಿಗಳನ್ನು ಕೈಗೊಳ್ಳಲಾಗಿದೆ. ಕ್ಷೇತ್ರದ ಜನತೆಯ ಸಹಕಾರದಿಂದ ಅಭಿವೃದ್ಧಿ ಸಾಧ್ಯವಾಗಿದೆ. ಕಾರ್ಯಕ್ರಮದಲ್ಲಿ ಗ್ರಾಮದ ಮುಖಂಡರು, ಪಂಚಾಯಿತಿ ಸದಸ್ಯರು, ಅಧಿಕಾರಿಗಳು ಹಾಗೂ ಗ್ರಾಮಸ್ಥರು ಭಾಗವಹಿಸಿದ್ದರು. ಸಾರ್ವಜನಿಕರು ಕಾಮಗಾರಿಯ ಗುಣಮಟ್ಟದ ಬಗ್ಗೆ ನಿಗಾ ವಹಿಸಬೇಕು ಎಂದು ಮನವಿ ಮಾಡಿದರು.
ಹರಿಪ್ರಸಾದ್ ಅಮಾನತಿಗೆ ಬಿಜೆಪಿ ಪಟ್ಟು
ಕೊತ್ವಾಲ್ ಶಿಷ್ಯ ಎಂದವರಿಗೆ ಕೈ ನಾಯಕನ ತಿರುಗೇಟು!
ಬೆಂಗಳೂರು: ಭಾಷಣ ಮೊಟಕುಗೊಳಿಸಿ ಹೊರಟ ರಾಜ್ಯಪಾಲರನ್ನು ಅಡ್ಡಗಟ್ಟಿದ ವಿಚಾರಕ್ಕೆ ಸಂಬಂಧಿಸಿ ಬಿ.ಕೆ. ಹರಿಪ್ರಸಾದ್ ಅವರನ್ನು ಅಮಾನತು ಮಾಡುವಂತೆ ಬಿಜೆಪಿ ಪಟ್ಟು ಹಿಡಿದಿದೆ. ಕೊತ್ವಾಲ್ ರಾಮಚಂದ್ರನ ಶಿಷ್ಯ ಎಂದು ಟೀಕಿಸಿದ ಬಿಜೆಪಿ ನಾಯಕರಿಗೆ ಹರಿಪ್ರಸಾದ್ ತಿರುಗೇಟು ನೀಡಿದ್ದಾರೆ. ಸದನದಲ್ಲಿ ನಡೆದ ಗದ್ದಲ ಕುರಿತು ಪ್ರತಿಕ್ರಿಯಿಸಿದ ಅವರು, ನಾನು ರಾಜ್ಯಪಾಲರನ್ನು ಅಡ್ಡಗಟ್ಟಿಲ್ಲ. ಭಾಷಣ ಪೂರ್ಣಗೊಳಿಸುವಂತೆ ಮನವಿ ಮಾಡಿದ್ದೆ. ನನ್ನ ಮೇಲೆ ಬಿಜೆಪಿ ಸುಳ್ಳು ಆರೋಪ ಮಾಡುತ್ತಿದೆ. ರಾಜ್ಯಪಾಲರ ಬಗ್ಗೆ ನಮಗೆ ಗೌರವವಿದೆ. ಆದರೆ ಸರ್ಕಾರ ಸಿದ್ಧಪಡಿಸಿದ ಭಾಷಣ ಓದದಿರುವುದು ಸಂವಿಧಾನಕ್ಕೆ ವಿರುದ್ಧ. ಕೇಂದ್ರ ಸರ್ಕಾರ ರಾಜ್ಯಪಾಲರ ಕಚೇರಿಯನ್ನು ದುರ್ಬಳಕೆ ಮಾಡಿಕೊಳ್ಳುತ್ತಿದೆ. ಬಿಜೆಪಿ ನಾಯಕರು ನನ್ನ ಬಗ್ಗೆ ವೈಯಕ್ತಿಕ ಟೀಕೆ ಮಾಡುತ್ತಿದ್ದಾರೆ. ಇದಕ್ಕೆ ಕಾನೂನು ರೀತಿಯಲ್ಲಿ ಉತ್ತರ ನೀಡುತ್ತೇನೆ. ಬಿಜೆಪಿಯವರ ಇತಿಹಾಸ ಎಲ್ಲರಿಗೂ ಗೊತ್ತಿದೆ. ಸಂವಿಧಾನದ ನಿಯಮ 163, 164, 175/1 ರಲ್ಲಿ ಸ್ಪಷ್ಟವಾಗಿ ಹೇಳಲಾಗಿದೆ. ರಾಜ್ಯಪಾಲರು ಸಚಿವ ಸಂಪುಟದ ಸಲಹೆಯಂತೆ ನಡೆದುಕೊಳ್ಳಬೇಕು. ಆದರೆ ಅವರು ಕೇಂದ್ರದ ನಿರ್ದೇಶನದಂತೆ ನಡೆದುಕೊಳ್ಳುತ್ತಿದ್ದಾರೆ ಎಂದು ಆರೋಪಿಸಿದರು. ರಾಜ್ಯಪಾಲರ ಕಾರ್ಯವೈಖರಿ ಬಗ್ಗೆ ಕಾಂಗ್ರೆಸ್ ತೀವ್ರ ಅಸಮಾಧಾನ ವ್ಯಕ್ತಪಡಿಸಿದೆ. ಈ ವಿಚಾರವನ್ನು ರಾಷ್ಟ್ರಪತಿಗಳ ಗಮನಕ್ಕೆ ತರಲಾಗುವುದು ಎಂದರು.
ಬೆಂಕಿ ಹಚ್ಚಿದ್ರಾ?
ಪ್ರಕರಣದ ಹಿನ್ನೆಲೆ: ಈ ಮಾರ್ಗ್ ನ್ ಗೆ ಗಣಪತಿ ಶಾಸಕ ಪ್ರಕಾಶ್ ಅವರ ಕಾರನ್ನು ಅಡ್ಡಗಟ್ಟಿ ನಿಲ್ಲಿಸಲಾಯಿತು. ಬಳಿಕ ಕಾರಿನ ಮೇಲೆ ಕಲ್ಲು ತೂರಾಟ ನಡೆಸಿ ಬೆಂಕಿ ಹಚ್ಚಲು ಯತ್ನಿಸಲಾಗಿದೆ ಎಂದು ಆರೋಪಿಸಲಾಗಿದೆ. ಈ ಘಟನೆಗೆ ಸಂಬಂಧಿಸಿದಂತೆ ಪೊಲೀಸರು ಪ್ರಕರಣ ದಾಖಲಿಸಿಕೊಂಡು ತನಿಖೆ ನಡೆಸುತ್ತಿದ್ದಾರೆ. ಘಟನೆ ಸಂಬಂಧ ಹಲವರನ್ನು ವಶಕ್ಕೆ ಪಡೆಯಲಾಗಿದೆ. ಬ್ಯಾನರ್ ಗಲಾಟೆ ಪ್ರಕರಣದ ನಂತರ ನಗರದಲ್ಲಿ ಬಿಗಿ ಪೊಲೀಸ್ ಬಂದೋಬಸ್ತ್ ಕಲ್ಪಿಸಲಾಗಿದೆ.
ಬಿಜೆಪಿ ಆರೋಪ
ಸರ್ಕಾರ ಶಿಷ್ಟಾಚಾರ ಉಲ್ಲಂಘನೆ ಮಾಡಿದೆ ಎಂದು ಆರೋಪಿಸಿರುವ ಬಿಜೆಪಿ, ಇದು ಕಾಂಗ್ರೆಸ್ ಪಕ್ಷದ ಕಾರ್ಯಕರ್ತರಿಂದಲೇ ಆಯೋಜಿಸಲಾದ ದಾಳಿ ಎಂದು ದೂರಿದೆ. ಪೊಲೀಸರು ನಿಷ್ಪಕ್ಷಪಾತವಾಗಿ ತನಿಖೆ ನಡೆಸಬೇಕು. ಸುಮಾರು 20,360 ಫಲಾನುಭವಿಗಳಿಗೆ ಇಂದು ಹಕ್ಕುಪತ್ರ ವಿತರಣೆ ಮಾಡಲಾಗುತ್ತಿದ್ದು, ಕಾರ್ಯಕ್ರಮಕ್ಕೆ ಸುಮಾರು 5 ಲಕ್ಷ ಜನ ಸೇರುವ ನಿರೀಕ್ಷೆ ಇದೆ.
ರಾಜಕೀಯ ಮತ್ತಷ್ಟು ಪಡೆದುಕೊಂಡಿದೆ. ನಮ್ಮ ಶಾಂತಿಗೆ ಹೆಸರಾಗಿರುವ ಸಿದ್ದರಾಮಯ್ಯ ಶಕ್ತಿ ಪ್ರದರ್ಶನ ಉತ್ತರ ಕರ್ನಾಟಕದಲ್ಲಿ ತಮ್ಮ ಜನಬೆಂಬಲ ತೋರಿಸುವ ಉದ್ದೇಶದಿಂದ ಈ ರೀತಿಯ ಸಭೆ ಆಯೋಜಿಸಲಾಗಿದೆ. ಚಿರತೆ ಸೆರೆಹಿಡಿಯುವ ಕಾರ್ಯಾಚರಣೆ ಯಶಸ್ವಿಯಾಗಿದ್ದು, ಗ್ರಾಮಸ್ಥರು ನಿಟ್ಟುಸಿರು ಬಿಟ್ಟಿದ್ದಾರೆ. ಕಳೆದ ಕೆಲವು ದಿನಗಳಿಂದ ಗ್ರಾಮದ ಸುತ್ತಮುತ್ತ ಚಿರತೆ ಓಡಾಡುತ್ತಿದ್ದು ಜನರಲ್ಲಿ ಆತಂಕ ಮೂಡಿಸಿತ್ತು. ಅರಣ್ಯ ಇಲಾಖೆಯ ಸಿಬ್ಬಂದಿ ಬೋನು ಇರಿಸಿ ಚಿರತೆ ಸೆರೆಹಿಡಿದಿದ್ದಾರೆ. ಸಂಜೆ 6 ರಿಂದ ಬೆಳಗ್ಗೆ 6 ವರೆಗೆ ಪಾದಯಾತ್ರೆ ನಿಷೇಧ ಮಾಡಲಾಗಿದೆ. ಪಾದಯಾತ್ರೆ, ಮಾಡುತ್ತಿದ್ದ ಭಕ್ತ ಚಿರತೆ ದಾಳಿಯಿಂದ ಬದುಕುಳಿದ ಘಟನೆ ಬಳಿಕ ಮುನ್ನೆಚ್ಚರಿಕೆ ವಹಿಸಲಾಗಿದೆ. ಸುಮಾರು 150ಕ್ಕೂ ಹೆಚ್ಚು ಭಕ್ತರು ಸ್ಥಳದಲ್ಲಿ ಇದ್ದರು.
ಚಿರತೆ ಸೆರೆ
ರಾಜಕೀಯ ಮತ್ತಷ್ಟು ಪಡೆದುಕೊಂಡಿದೆ. ನಮ್ಮ ಶಾಂತಿಗೆ ಹೆಸರಾಗಿರುವ ಸಿದ್ದರಾಮಯ್ಯ ಶಕ್ತಿ ಪ್ರದರ್ಶನ ಉತ್ತರ ಕರ್ನಾಟಕದಲ್ಲಿ ತಮ್ಮ ಜನಬೆಂಬಲ ತೋರಿಸುವ ಉದ್ದೇಶದಿಂದ ಈ ರೀತಿಯ ಸಭೆ ಆಯೋಜಿಸಲಾಗಿದೆ. ಚಿರತೆ ಸೆರೆಹಿಡಿಯುವ ಕಾರ್ಯಾಚರಣೆ ಯಶಸ್ವಿಯಾಗಿದ್ದು, ಗ್ರಾಮಸ್ಥರು ನಿಟ್ಟುಸಿರು ಬಿಟ್ಟಿದ್ದಾರೆ. ಕಳೆದ ಕೆಲವು ದಿನಗಳಿಂದ ಗ್ರಾಮದ ಸುತ್ತಮುತ್ತ ಚಿರತೆ ಓಡಾಡುತ್ತಿದ್ದು ಜನರಲ್ಲಿ ಆತಂಕ ಮೂಡಿಸಿತ್ತು. ಅರಣ್ಯ ಇಲಾಖೆಯ ಸಿಬ್ಬಂದಿ ಬೋನು ಇರಿಸಿ ಚಿರತೆ ಸೆರೆಹಿಡಿದಿದ್ದಾರೆ. ಸಂಜೆ 6 ರಿಂದ ಬೆಳಗ್ಗೆ 6 ವರೆಗೆ ಪಾದಯಾತ್ರೆ ನಿಷೇಧ ಮಾಡಲಾಗಿದೆ. ಪಾದಯಾತ್ರೆ, ಮಾಡುತ್ತಿದ್ದ ಭಕ್ತ ಚಿರತೆ ದಾಳಿಯಿಂದ ಬದುಕುಳಿದ ಘಟನೆ ಬಳಿಕ ಮುನ್ನೆಚ್ಚರಿಕೆ ವಹಿಸಲಾಗಿದೆ. ಸುಮಾರು 150ಕ್ಕೂ ಹೆಚ್ಚು ಭಕ್ತರು ಸ್ಥಳದಲ್ಲಿ ಇದ್ದರು.
ಮೊದಲನೇ ಪುಟದಿಂದ...
ಮೆಟ್ರೊಲ್ ನೆಟ್ವರ್ಕ್ ಇಲ್ಲದ ಕಾರಣ ತಕ್ಷಣವೇ ಪೊಲೀಸರಿಗೆ ಮಾಹಿತಿ ನೀಡಲು ಸಾಧ್ಯವಾಗಲಿಲ್ಲ. ಈ ಘಟನೆಯ ಬಗ್ಗೆ ಸ್ಥಳೀಯರು ಅರಣ್ಯ ಇಲಾಖೆಗೆ ಮಾಹಿತಿ ನೀಡಿದರು.
ಯಾದಗಿರಿಯಲ್ಲೂ ಉತ್ಖನನ
ಈಗಾಗಲೇ ದಾವಣಗೆರೆ ಜಿಲ್ಲೆಯ ದೇವಾಲಯದ ಸುತ್ತ ಉತ್ಖನನ ನಡೆಯುತ್ತಿದೆ. ಶಿವಲಿಂಗ ಮತ್ತು ದೇವಸ್ಥಾನದ ಅವಶೇಷಗಳು ಪತ್ತೆಯಾಗಿವೆ. 160 ಮನೆಗಳನ್ನು ಸ್ಥಳಾಂತರ ಮಾಡಲಾಗಿದೆ. ಸುಮಾರು 160 ಮನೆಗಳು ಸರ್ಕಾರದಿಂದ ನಿರ್ಮಿಸಲ್ಪಟ್ಟಿವೆ.
ಎಂಜಿನಿಯರ್ ಸಾಕ್?
ಆರೋಗ್ಯಾಧಿಕಾರಿ ಮತ್ತು ಎಂಜಿನಿಯರ್ ನಡುವೆ ಸಂಘರ್ಷ ಉಂಟಾಗಿದ್ದು ಈ ಬಗ್ಗೆ ಜಿಲ್ಲಾಧಿಕಾರಿಗಳು ತನಿಖೆಗೆ ಆದೇಶಿಸಿದ್ದಾರೆ. ಬಿಜೆಪಿ ಮಾಜಿ ಕಾರ್ಪೊರೇಟರ್ ಬಿ.ಎಸ್. ಮಂಜುನಾಥ್ ಪ್ರತಿಕ್ರಿಯಿಸಿ, ಕೊಡತ್ ಸಮಸ್ಯೆ ಬಗೆಹರಿಸಬೇಕು ಎಂದರು. 24ಗಂಟೆ ಒಳಗೆ ಕ್ರಮ ಕೈಗೊಳ್ಳದಿದ್ದರೆ ಪ್ರತಿಭಟನೆ ನಡೆಸಲಾಗುವುದು ಎಂದು ಎಚ್ಚರಿಸಿದರು.
ನಿರ್ಧಾರ ಮಾಡಿದ ಉದ್ಯಮಿ
ಕಳೆದ ಒಂದು ವರ್ಷದಿಂದ ಹೆಚ್ಚುತ್ತಿರುವ ಟ್ರಾಫಿಕ್ ಜಾಮ್ ನಿಂದ ರೋಸಿಹೋಗಿದ್ದ ಉದ್ಯಮಿಯೊಬ್ಬರು ಕಚೇರಿ ಸ್ಥಳಾಂತರ ಮಾಡುವ ನಿರ್ಧಾರ ಮಾಡಿದ್ದಾರೆ. ನಗರದಲ್ಲಿ ಟ್ರಾಫಿಕ್ ಸಮಸ್ಯೆ ದಿನದಿಂದ ದಿನಕ್ಕೆ ಹೆಚ್ಚುತ್ತಿದೆ. ನಾನು ಪ್ರತಿದಿನ ಸುಮಾರು 41 ಕಿಮೀ ಪ್ರಯಾಣ ಮಾಡಬೇಕು. ಇದಕ್ಕೆ ಸುಮಾರು 2.5 ಗಂಟೆ ಸಮಯ ವ್ಯರ್ಥವಾಗುತ್ತಿದೆ. ಬೆಂಗಳೂರಿನ ಹೊರವರ್ತುಲ ರಸ್ತೆಯಲ್ಲಿ ಪ್ರತಿದಿನ ಸಂಚಾರ ದಟ್ಟಣೆ ಉಂಟಾಗುತ್ತಿದ್ದು ಸಮಸ್ಯೆ ಬಗೆಹರಿಸಲು ಸರ್ಕಾರ ಕ್ರಮ ಕೈಗೊಳ್ಳಬೇಕು. ಕಚೇರಿಯನ್ನು ಸ್ಥಳಾಂತರ ಮಾಡುವುದು ಅನಿವಾರ್ಯವಾಗಿದೆ ಎಂದು ಹೇಳಿದರು.
ಖಾಕಿ
ಸಂಚಾರಿ ಪೊಲೀಸರು ಟ್ರಾಫಿಕ್ ನಿಯಂತ್ರಣಕ್ಕೆ ಕ್ರಮ ಕೈಗೊಂಡಿದ್ದಾರೆ. 2.5 ಲಕ್ಷ ವಾಹನಗಳು ಪ್ರತಿದಿನ ಸಂಚರಿಸುತ್ತವೆ. ಸುಮಾರು 17 ಕಿ.ಮೀ. ವ್ಯಾಪ್ತಿಯಲ್ಲಿ ದಟ್ಟಣೆ ಹೆಚ್ಚಿದೆ.
ಕಾರಣವಾಗಿದ್ದಾರೆ. ಈ ಹೊಡೆಯಲು ಸಂಚಾರ ಪೊಲೀಸರು ಆದ್ಯತೆ ನೀಡುತ್ತಿದ್ದಾರೆ. 17 ಕಿ.ಮೀ ವ್ಯಾಪ್ತಿಯಲ್ಲಿ 15% ರಿಂದ 20% ಸಂಚಾರ ಸುಧಾರಣೆ ಮಾಡಲಾಗುವುದು. ಸ್ಮಾರ್ಟ್ ಟ್ರಾಫಿಕ್ ಸಿಗ್ನಲ್ ಅಳವಡಿಸಲಾಗುವುದು. ಶನಿವಾರ ಮತ್ತು ಭಾನುವಾರ ನಿಯಮ ಉಲ್ಲಂಘನೆ ಮಾಡಿದವರ ವಿರುದ್ಧ ಕೇಸ್ ದಾಖಲಿಸಲಾಗಿದೆ. 5 ಲಕ್ಷ ರೂ. ದಂಡ ವಸೂಲಿ ಮಾಡಲಾಗಿದೆ. 14 ನಿಮಿಷ ಸಮಯ ಉಳಿತಾಯವಾಗಲಿದೆ. 40 ಸಾವಿರ ವಾಹನಗಳ ಮೇಲೆ ನಿಗಾ ವಹಿಸಲಾಗಿದೆ. ಹೊಣ್ಣಾವರ ಪೊಲೀಸರು ಪ್ರಕರಣ ದಾಖಲಿಸಿಕೊಂಡು ತನಿಖೆ ನಡೆಸುತ್ತಿದ್ದಾರೆ.
ಕೇಸ್
ಕಾರಣವಾಗಿದ್ದಾರೆ. ಈ ಹೊಡೆಯಲು ಸಂಚಾರ ಪೊಲೀಸರು ಆದ್ಯತೆ ನೀಡುತ್ತಿದ್ದಾರೆ. 17 ಕಿ.ಮೀ ವ್ಯಾಪ್ತಿಯಲ್ಲಿ 15% ರಿಂದ 20% ಸಂಚಾರ ಸುಧಾರಣೆ ಮಾಡಲಾಗುವುದು. ಸ್ಮಾರ್ಟ್ ಟ್ರಾಫಿಕ್ ಸಿಗ್ನಲ್ ಅಳವಡಿಸಲಾಗುವುದು. ಶನಿವಾರ ಮತ್ತು ಭಾನುವಾರ ನಿಯಮ ಉಲ್ಲಂಘನೆ ಮಾಡಿದವರ ವಿರುದ್ಧ ಕೇಸ್ ದಾಖಲಿಸಲಾಗಿದೆ. 5 ಲಕ್ಷ ರೂ. ದಂಡ ವಸೂಲಿ ಮಾಡಲಾಗಿದೆ. 14 ನಿಮಿಷ ಸಮಯ ಉಳಿತಾಯವಾಗಲಿದೆ. 40 ಸಾವಿರ ವಾಹನಗಳ ಮೇಲೆ ನಿಗಾ ವಹಿಸಲಾಗಿದೆ. ಹೊಣ್ಣಾವರ ಪೊಲೀಸರು ಪ್ರಕರಣ ದಾಖಲಿಸಿಕೊಂಡು ತನಿಖೆ ನಡೆಸುತ್ತಿದ್ದಾರೆ.
